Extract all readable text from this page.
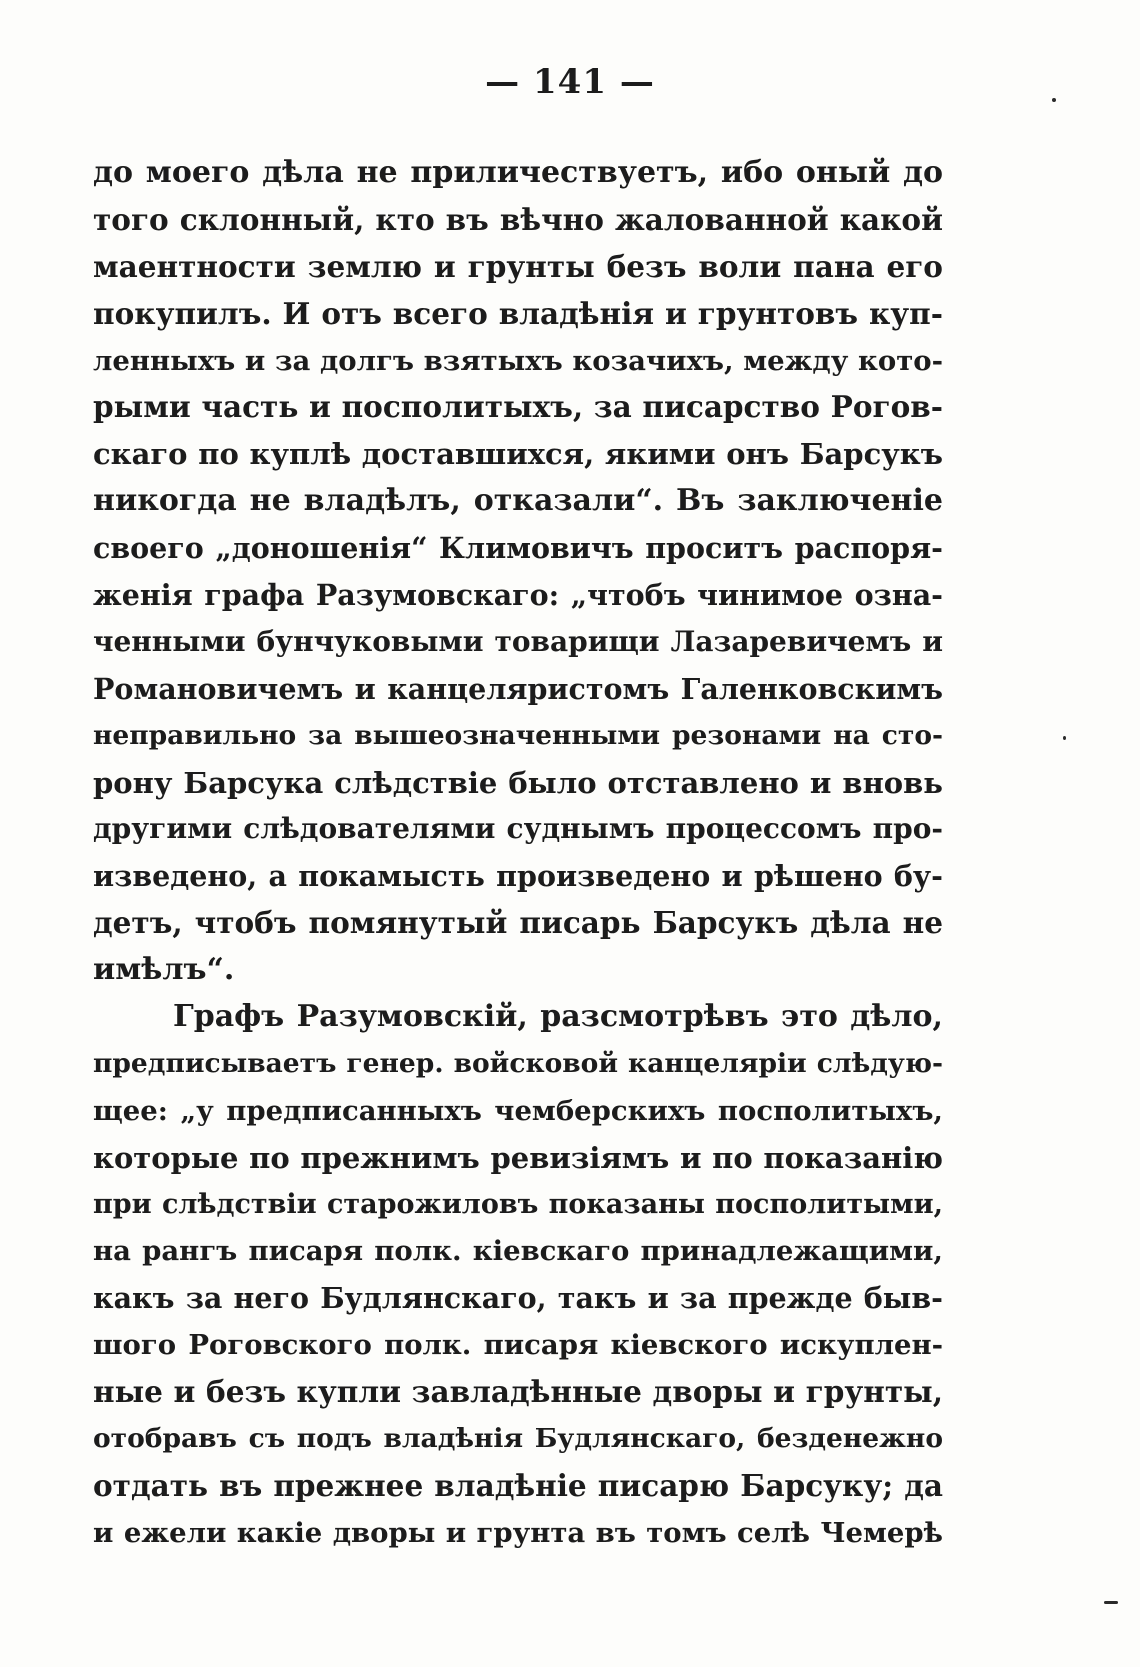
— 141 —
до моего дѣла не приличествуетъ, ибо оный до
того склонный, кто въ вѣчно жалованной какой
маентности землю и грунты безъ воли пана его
покупилъ. И отъ всего владѣнія и грунтовъ куп-
ленныхъ и за долгъ взятыхъ козачихъ, между кото-
рыми часть и посполитыхъ, за писарство Рогов-
скаго по куплѣ доставшихся, якими онъ Барсукъ
никогда не владѣлъ, отказали“. Въ заключеніе
своего „доношенія“ Климовичъ проситъ распоря-
женія графа Разумовскаго: „чтобъ чинимое озна-
ченными бунчуковыми товарищи Лазаревичемъ и
Романовичемъ и канцеляристомъ Галенковскимъ
неправильно за вышеозначенными резонами на сто-
рону Барсука слѣдствіе было отставлено и вновь
другими слѣдователями суднымъ процессомъ про-
изведено, а покамысть произведено и рѣшено бу-
детъ, чтобъ помянутый писарь Барсукъ дѣла не
имѣлъ“.
Графъ Разумовскій, разсмотрѣвъ это дѣло,
предписываетъ генер. войсковой канцеляріи слѣдую-
щее: „у предписанныхъ чемберскихъ посполитыхъ,
которые по прежнимъ ревизіямъ и по показанію
при слѣдствіи старожиловъ показаны посполитыми,
на рангъ писаря полк. кіевскаго принадлежащими,
какъ за него Будлянскаго, такъ и за прежде быв-
шого Роговского полк. писаря кіевского искуплен-
ные и безъ купли завладѣнные дворы и грунты,
отобравъ съ подъ владѣнія Будлянскаго, безденежно
отдать въ прежнее владѣніе писарю Барсуку; да
и ежели какіе дворы и грунта въ томъ селѣ Чемерѣ
